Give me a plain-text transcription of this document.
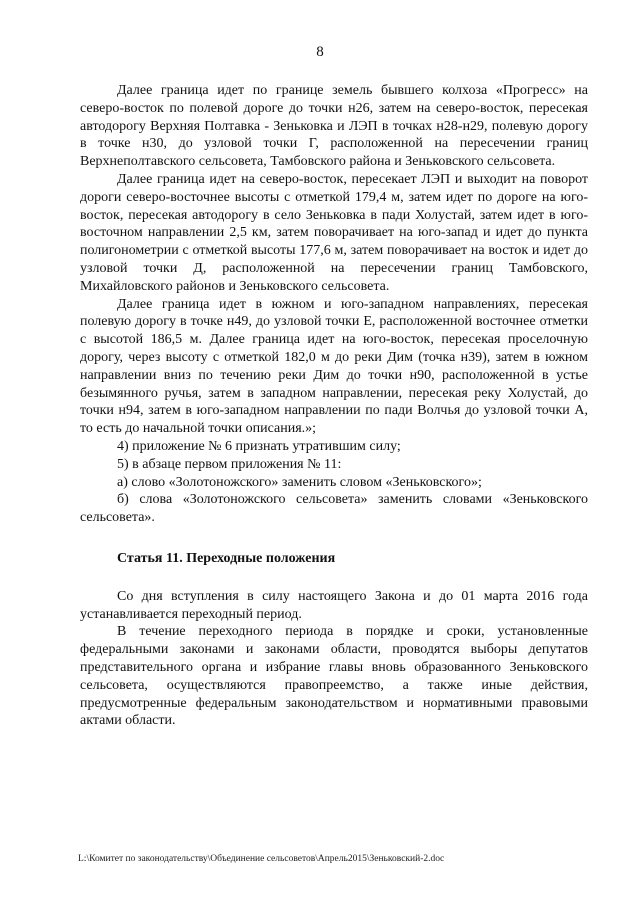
8

Далее граница идет по границе земель бывшего колхоза «Прогресс» на северо-восток по полевой дороге до точки н26, затем на северо-восток, пересекая автодорогу Верхняя Полтавка - Зеньковка и ЛЭП в точках н28-н29, полевую дорогу в точке н30, до узловой точки Г, расположенной на пересечении границ Верхнеполтавского сельсовета, Тамбовского района и Зеньковского сельсовета.

Далее граница идет на северо-восток, пересекает ЛЭП и выходит на поворот дороги северо-восточнее высоты с отметкой 179,4 м, затем идет по дороге на юго-восток, пересекая автодорогу в село Зеньковка в пади Холустай, затем идет в юго-восточном направлении 2,5 км, затем поворачивает на юго-запад и идет до пункта полигонометрии с отметкой высоты 177,6 м, затем поворачивает на восток и идет до узловой точки Д, расположенной на пересечении границ Тамбовского, Михайловского районов и Зеньковского сельсовета.

Далее граница идет в южном и юго-западном направлениях, пересекая полевую дорогу в точке н49, до узловой точки Е, расположенной восточнее отметки с высотой 186,5 м. Далее граница идет на юго-восток, пересекая проселочную дорогу, через высоту с отметкой 182,0 м до реки Дим (точка н39), затем в южном направлении вниз по течению реки Дим до точки н90, расположенной в устье безымянного ручья, затем в западном направлении, пересекая реку Холустай, до точки н94, затем в юго-западном направлении по пади Волчья до узловой точки А, то есть до начальной точки описания.»;

4) приложение № 6 признать утратившим силу;

5) в абзаце первом приложения № 11:

а) слово «Золотоножского» заменить словом «Зеньковского»;

б) слова «Золотоножского сельсовета» заменить словами «Зеньковского сельсовета».

Статья 11. Переходные положения

Со дня вступления в силу настоящего Закона и до 01 марта 2016 года устанавливается переходный период.

В течение переходного периода в порядке и сроки, установленные федеральными законами и законами области, проводятся выборы депутатов представительного органа и избрание главы вновь образованного Зеньковского сельсовета, осуществляются правопреемство, а также иные действия, предусмотренные федеральным законодательством и нормативными правовыми актами области.

L:\Комитет по законодательству\Объединение сельсоветов\Апрель2015\Зеньковский-2.doc
